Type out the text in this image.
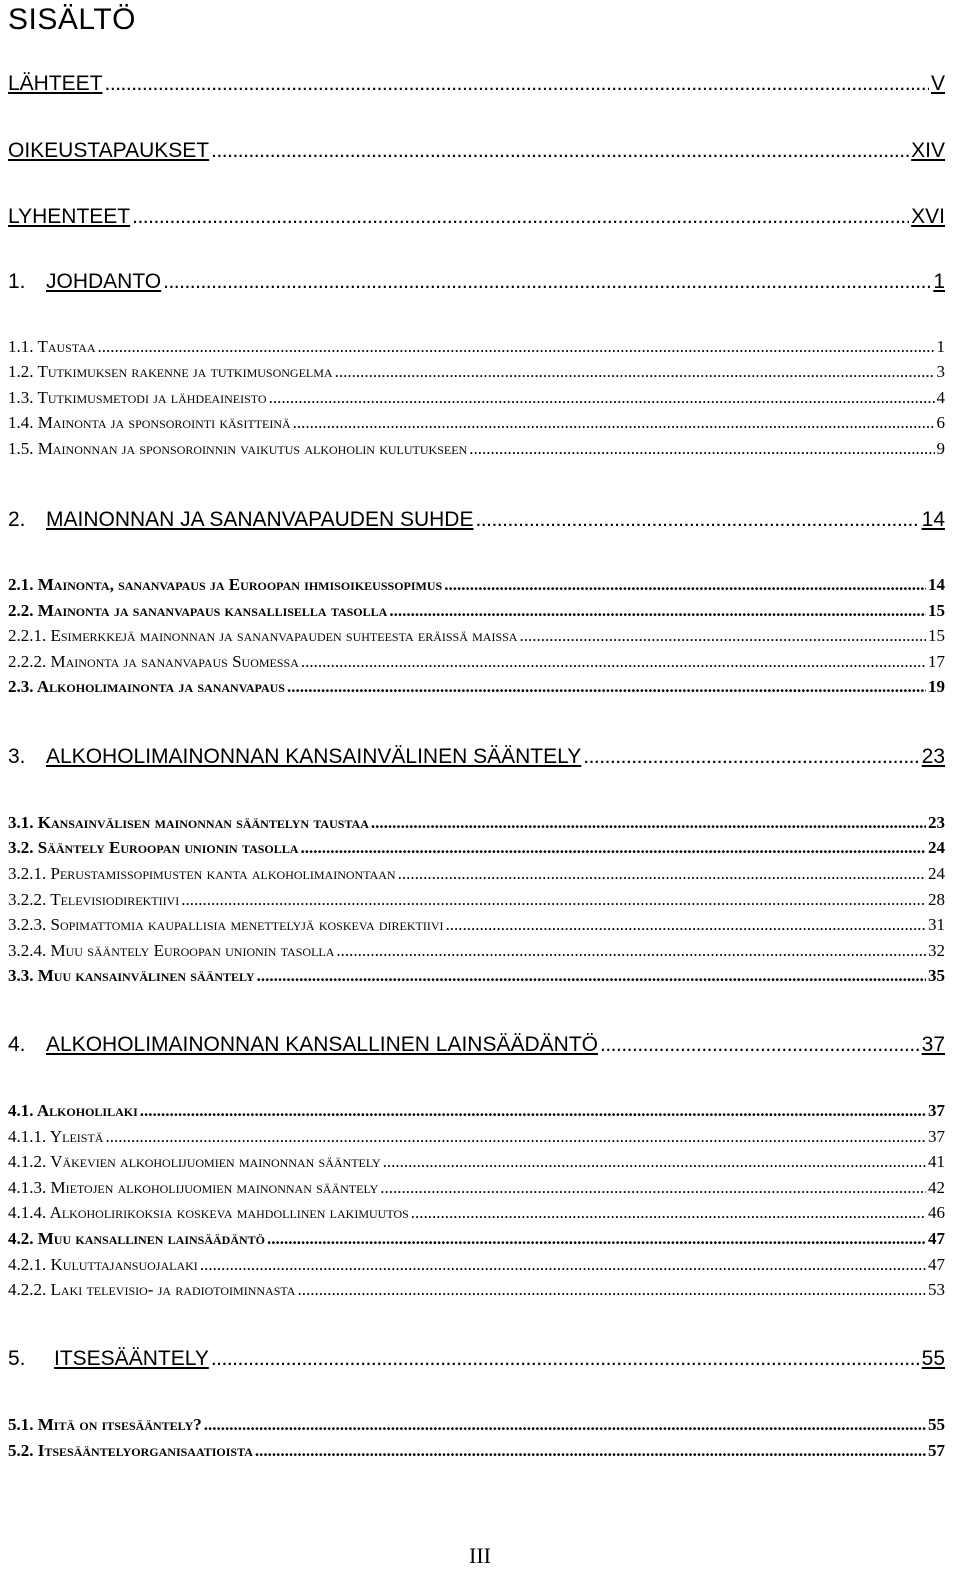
SISÄLTÖ
LÄHTEET .....	V
OIKEUSTAPAUKSET .....	XIV
LYHENTEET .....	XVI
1. JOHDANTO .....	1
1.1. Taustaa .....	1
1.2. Tutkimuksen rakenne ja tutkimusongelma .....	3
1.3. Tutkimusmetodi ja lähdeaineisto .....	4
1.4. Mainonta ja sponsorointi käsitteinä .....	6
1.5. Mainonnan ja sponsoroinnin vaikutus alkoholin kulutukseen .....	9
2. MAINONNAN JA SANANVAPAUDEN SUHDE .....	14
2.1. Mainonta, sananvapaus ja Euroopan ihmisoikeussopimus .....	14
2.2. Mainonta ja sananvapaus kansallisella tasolla .....	15
2.2.1. Esimerkkejä mainonnan ja sananvapauden suhteesta eräissä maissa .....	15
2.2.2. Mainonta ja sananvapaus Suomessa .....	17
2.3. Alkoholimainonta ja sananvapaus .....	19
3. ALKOHOLIMAINONNAN KANSAINVÄLINEN SÄÄNTELY .....	23
3.1. Kansainvälisen mainonnan sääntelyn taustaa .....	23
3.2. Sääntely Euroopan unionin tasolla .....	24
3.2.1. Perustamissopimusten kanta alkoholimainontaan .....	24
3.2.2. Televisiodirektiivi .....	28
3.2.3. Sopimattomia kaupallisia menettelyjä koskeva direktiivi .....	31
3.2.4. Muu sääntely Euroopan unionin tasolla .....	32
3.3. Muu kansainvälinen sääntely .....	35
4. ALKOHOLIMAINONNAN KANSALLINEN LAINSÄÄDÄNTÖ .....	37
4.1. Alkoholilaki .....	37
4.1.1. Yleistä .....	37
4.1.2. Väkevien alkoholijuomien mainonnan sääntely .....	41
4.1.3. Mietojen alkoholijuomien mainonnan sääntely .....	42
4.1.4. Alkoholirikoksia koskeva mahdollinen lakimuutos .....	46
4.2. Muu kansallinen lainsäädäntö .....	47
4.2.1. Kuluttajansuojalaki .....	47
4.2.2. Laki televisio- ja radiotoiminnasta .....	53
5. ITSESÄÄNTELY .....	55
5.1. Mitä on itsesääntely? .....	55
5.2. Itsesääntelyorganisaatioista .....	57
III
